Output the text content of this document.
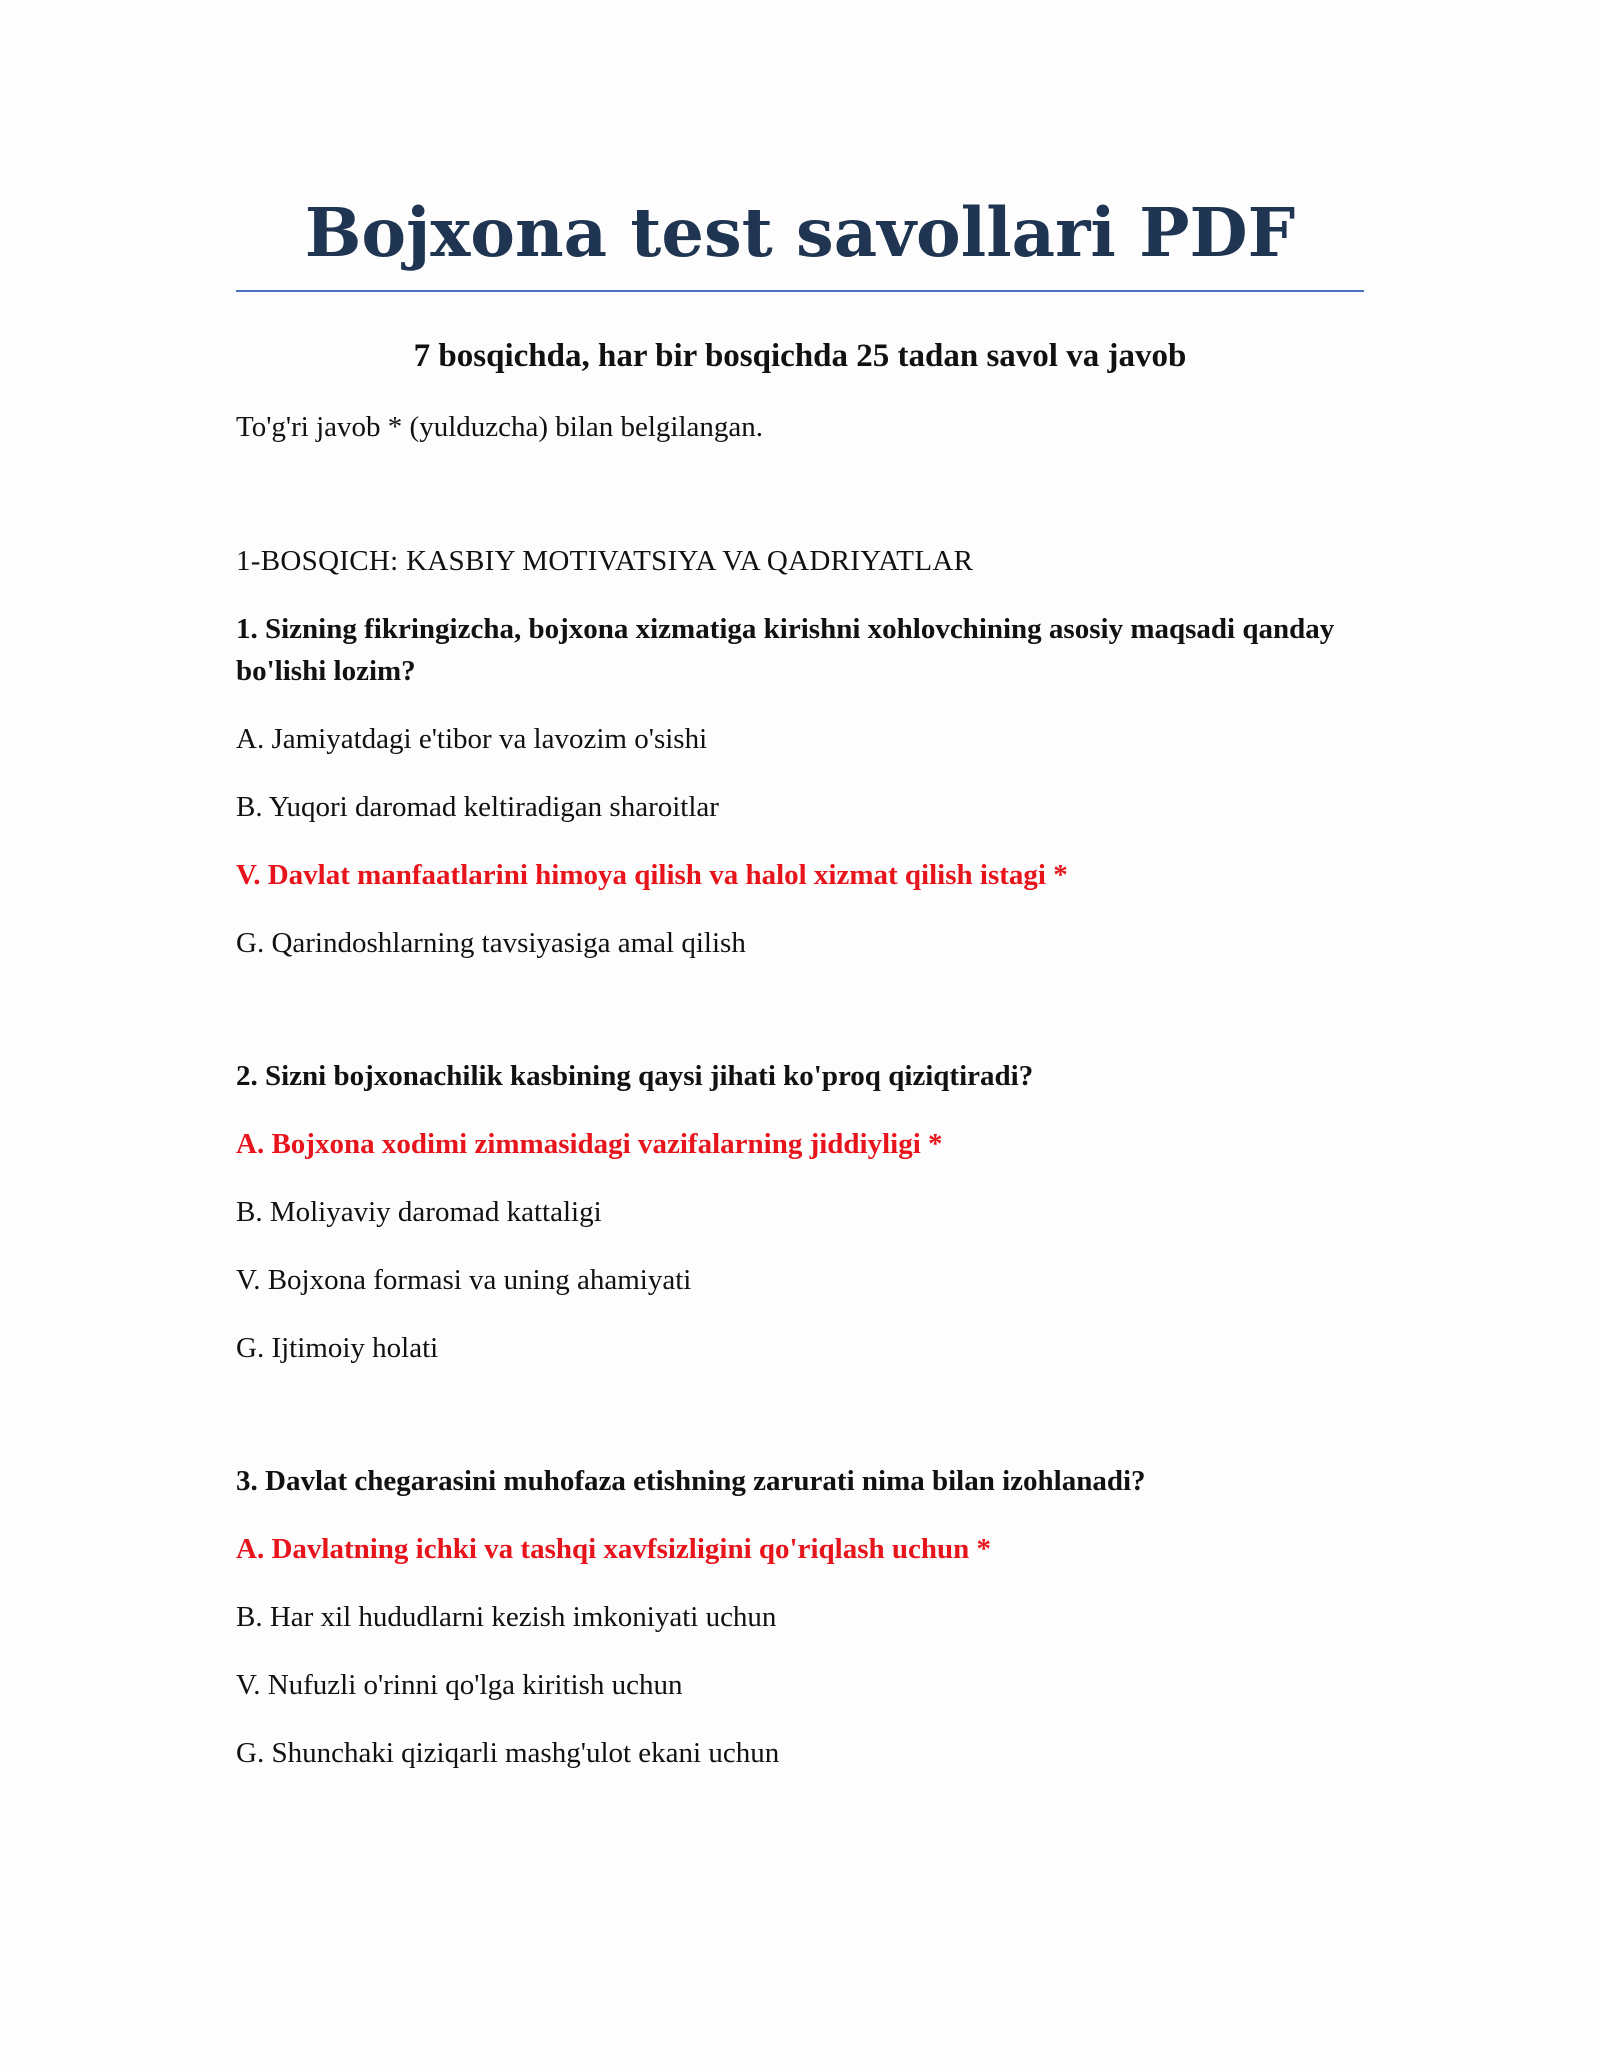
Bojxona test savollari PDF
7 bosqichda, har bir bosqichda 25 tadan savol va javob

To'g'ri javob * (yulduzcha) bilan belgilangan.

1-BOSQICH: KASBIY MOTIVATSIYA VA QADRIYATLAR

1. Sizning fikringizcha, bojxona xizmatiga kirishni xohlovchining asosiy maqsadi qanday bo'lishi lozim?

A. Jamiyatdagi e'tibor va lavozim o'sishi

B. Yuqori daromad keltiradigan sharoitlar

V. Davlat manfaatlarini himoya qilish va halol xizmat qilish istagi *

G. Qarindoshlarning tavsiyasiga amal qilish

2. Sizni bojxonachilik kasbining qaysi jihati ko'proq qiziqtiradi?

A. Bojxona xodimi zimmasidagi vazifalarning jiddiyligi *

B. Moliyaviy daromad kattaligi

V. Bojxona formasi va uning ahamiyati

G. Ijtimoiy holati

3. Davlat chegarasini muhofaza etishning zarurati nima bilan izohlanadi?

A. Davlatning ichki va tashqi xavfsizligini qo'riqlash uchun *

B. Har xil hududlarni kezish imkoniyati uchun

V. Nufuzli o'rinni qo'lga kiritish uchun

G. Shunchaki qiziqarli mashg'ulot ekani uchun
